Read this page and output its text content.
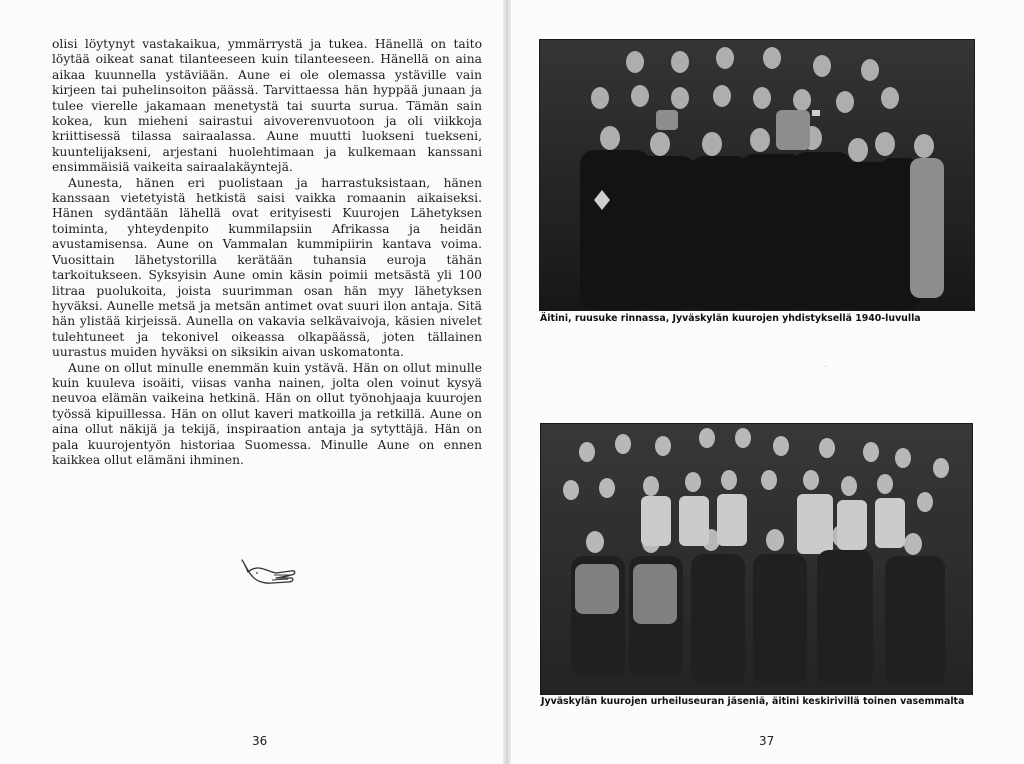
olisi löytynyt vastakaikua, ymmärrystä ja tukea. Hänellä on taito löytää oikeat sanat tilanteeseen kuin tilanteeseen. Hänellä on aina aikaa kuunnella ystäviään. Aune ei ole olemassa ystäville vain kirjeen tai puhelinsoiton päässä. Tarvittaessa hän hyppää junaan ja tulee vierelle jakamaan menetystä tai suurta surua. Tämän sain kokea, kun mieheni sairastui aivoverenvuotoon ja oli viikkoja kriittisessä tilassa sairaalassa. Aune muutti luokseni tuekseni, kuuntelijakseni, arjestani huolehtimaan ja kulkemaan kanssani ensimmäisiä vaikeita sairaalakäyntejä.

Aunesta, hänen eri puolistaan ja harrastuksistaan, hänen kanssaan vietetyistä hetkistä saisi vaikka romaanin aikaiseksi. Hänen sydäntään lähellä ovat erityisesti Kuurojen Lähetyksen toiminta, yhteydenpito kummilapsiin Afrikassa ja heidän avustamisensa. Aune on Vammalan kummipiirin kantava voima. Vuosittain lähetystorilla kerätään tuhansia euroja tähän tarkoitukseen. Syksyisin Aune omin käsin poimii metsästä yli 100 litraa puolukoita, joista suurimman osan hän myy lähetyksen hyväksi. Aunelle metsä ja metsän antimet ovat suuri ilon antaja. Sitä hän ylistää kirjeissä. Aunella on vakavia selkävaivoja, käsien nivelet tulehtuneet ja tekonivel oikeassa olkapäässä, joten tällainen uurastus muiden hyväksi on siksikin aivan uskomatonta.

Aune on ollut minulle enemmän kuin ystävä. Hän on ollut minulle kuin kuuleva isoäiti, viisas vanha nainen, jolta olen voinut kysyä neuvoa elämän vaikeina hetkinä. Hän on ollut työnohjaaja kuurojen työssä kipuillessa. Hän on ollut kaveri matkoilla ja retkillä. Aune on aina ollut näkijä ja tekijä, inspiraation antaja ja sytyttäjä. Hän on pala kuurojentyön historiaa Suomessa. Minulle Aune on ennen kaikkea ollut elämäni ihminen.

36
Äitini, ruusuke rinnassa, Jyväskylän kuurojen yhdistyksellä 1940-luvulla
·
Jyväskylän kuurojen urheiluseuran jäseniä, äitini keskirivillä toinen vasemmalta
37
